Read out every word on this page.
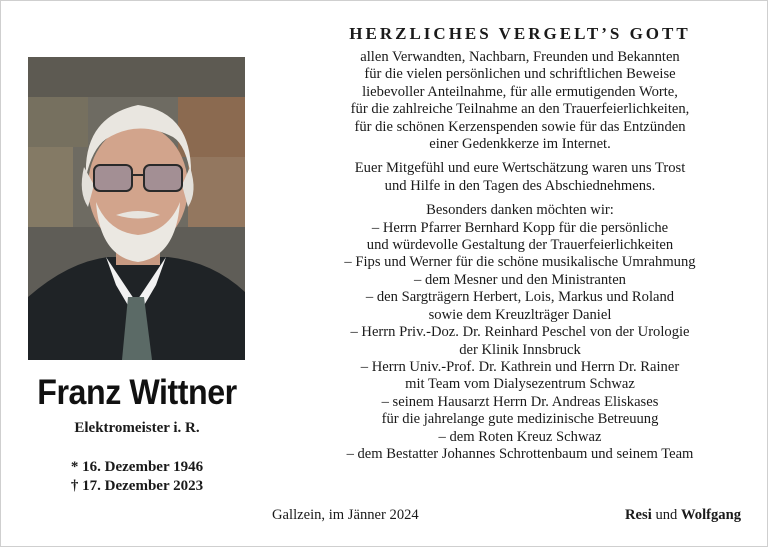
Franz Wittner
Elektromeister i. R.
* 16. Dezember 1946
† 17. Dezember 2023
HERZLICHES VERGELT’S GOTT
allen Verwandten, Nachbarn, Freunden und Bekannten
für die vielen persönlichen und schriftlichen Beweise
liebevoller Anteilnahme, für alle ermutigenden Worte,
für die zahlreiche Teilnahme an den Trauerfeierlichkeiten,
für die schönen Kerzenspenden sowie für das Entzünden
einer Gedenkkerze im Internet.
Euer Mitgefühl und eure Wertschätzung waren uns Trost
und Hilfe in den Tagen des Abschiednehmens.
Besonders danken möchten wir:
– Herrn Pfarrer Bernhard Kopp für die persönliche
und würdevolle Gestaltung der Trauerfeierlichkeiten
– Fips und Werner für die schöne musikalische Umrahmung
– dem Mesner und den Ministranten
– den Sargträgern Herbert, Lois, Markus und Roland
sowie dem Kreuzlträger Daniel
– Herrn Priv.-Doz. Dr. Reinhard Peschel von der Urologie
der Klinik Innsbruck
– Herrn Univ.-Prof. Dr. Kathrein und Herrn Dr. Rainer
mit Team vom Dialysezentrum Schwaz
– seinem Hausarzt Herrn Dr. Andreas Eliskases
für die jahrelange gute medizinische Betreuung
– dem Roten Kreuz Schwaz
– dem Bestatter Johannes Schrottenbaum und seinem Team
Gallzein, im Jänner 2024	Resi und Wolfgang
